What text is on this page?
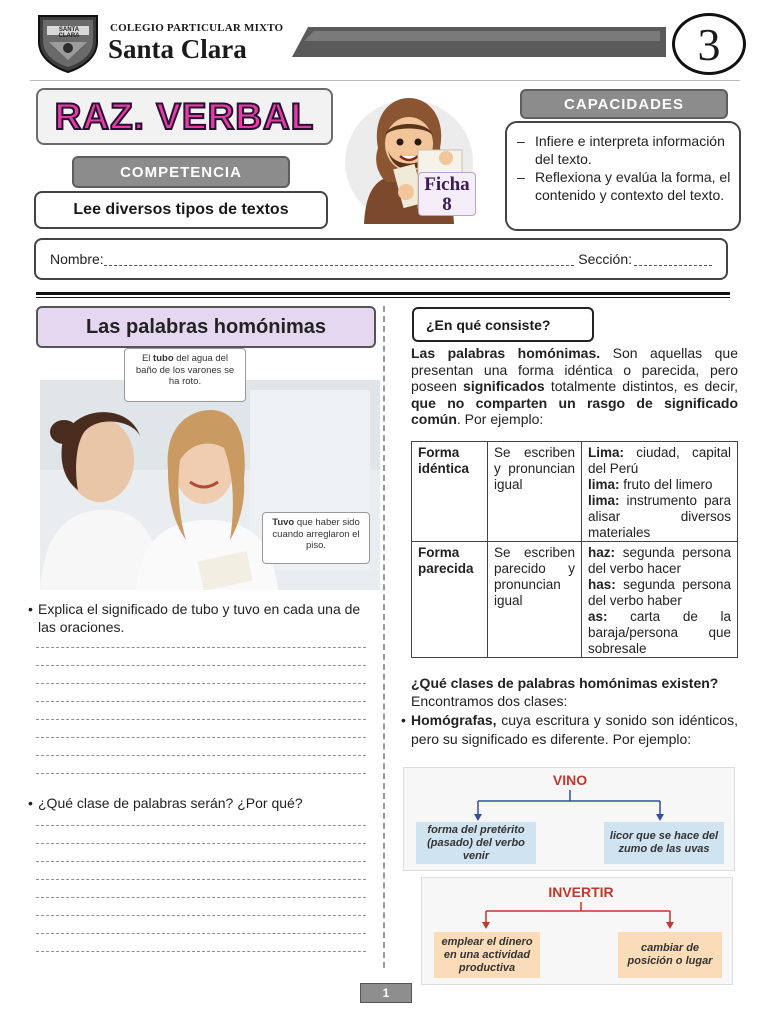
SANTA CLARA
COLEGIO PARTICULAR MIXTO
Santa Clara	3
RAZ. VERBAL
COMPETENCIA
Lee diversos tipos de textos
Ficha
8
CAPACIDADES
– Infiere e interpreta información del texto.
– Reflexiona y evalúa la forma, el contenido y contexto del texto.
Nombre:	Sección:
Las palabras homónimas
El tubo del agua del baño de los varones se ha roto.
Tuvo que haber sido cuando arreglaron el piso.
• Explica el significado de tubo y tuvo en cada una de las oraciones.
• ¿Qué clase de palabras serán? ¿Por qué?
¿En qué consiste?
Las palabras homónimas. Son aquellas que presentan una forma idéntica o parecida, pero poseen significados totalmente distintos, es decir, que no comparten un rasgo de significado común. Por ejemplo:
Forma idéntica	Se escriben y pronuncian igual	Lima: ciudad, capital del Perú
lima: fruto del limero
lima: instrumento para alisar diversos materiales

Forma parecida	Se escriben parecido y pronuncian igual	haz: segunda persona del verbo hacer
has: segunda persona del verbo haber
as: carta de la baraja/persona que sobresale
¿Qué clases de palabras homónimas existen?
Encontramos dos clases:
• Homógrafas, cuya escritura y sonido son idénticos, pero su significado es diferente. Por ejemplo:
VINO
forma del pretérito (pasado) del verbo venir
licor que se hace del zumo de las uvas
INVERTIR
emplear el dinero en una actividad productiva
cambiar de posición o lugar
1
